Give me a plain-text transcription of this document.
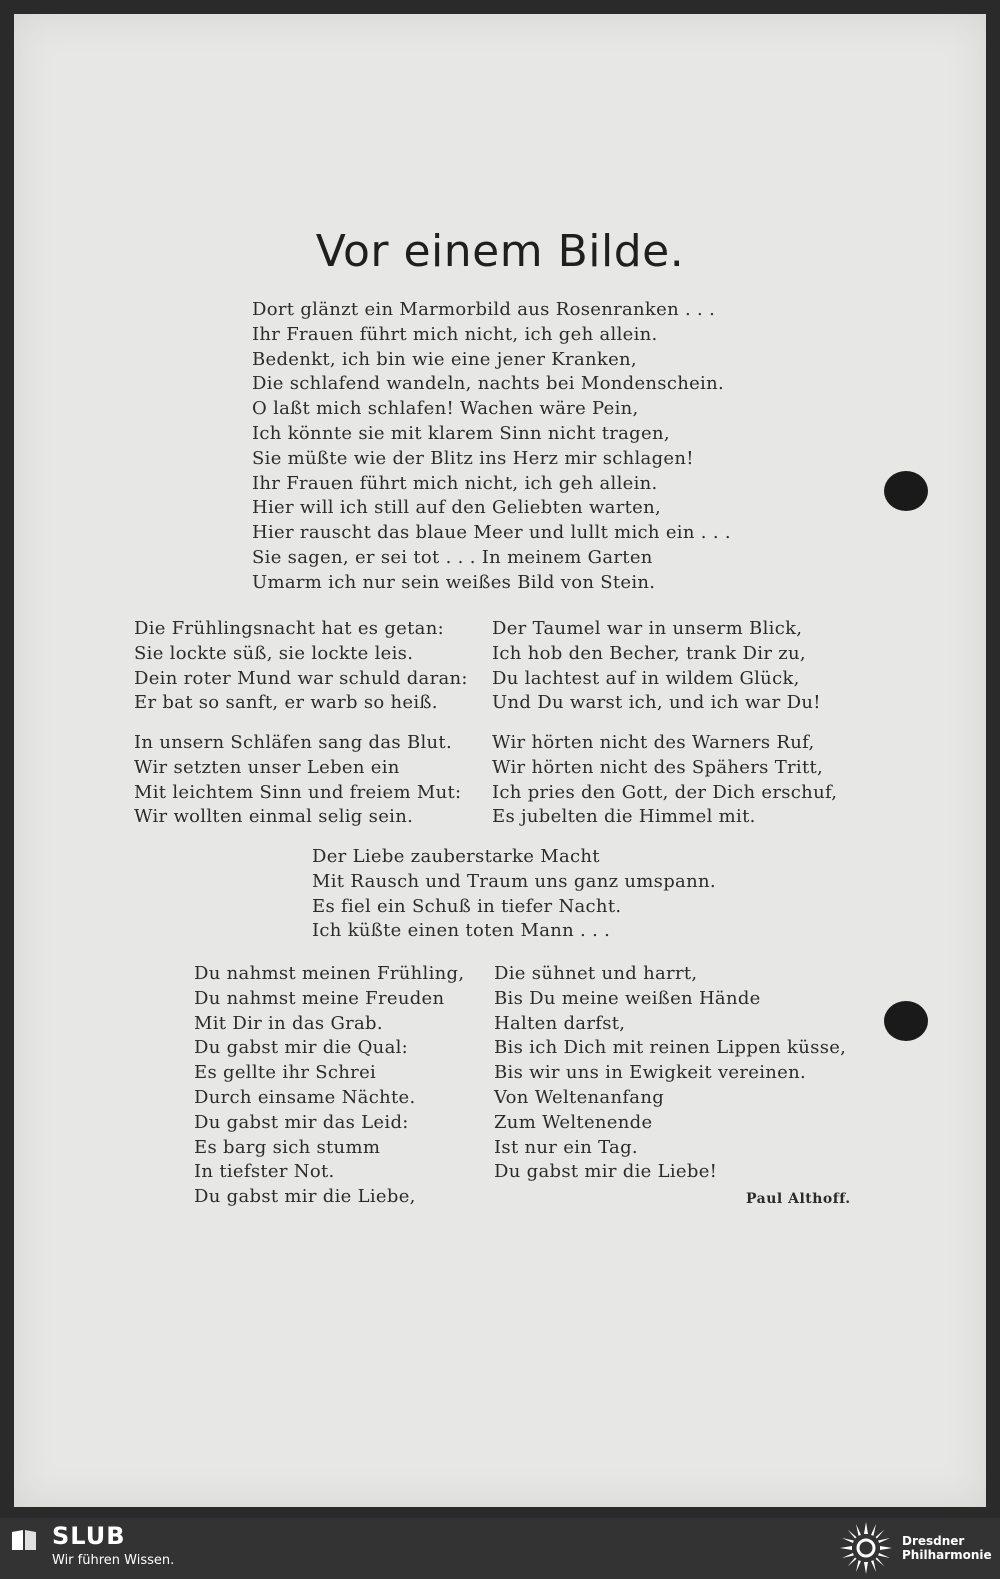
Vor einem Bilde.
Dort glänzt ein Marmorbild aus Rosenranken . . .
Ihr Frauen führt mich nicht, ich geh allein.
Bedenkt, ich bin wie eine jener Kranken,
Die schlafend wandeln, nachts bei Mondenschein.
O laßt mich schlafen! Wachen wäre Pein,
Ich könnte sie mit klarem Sinn nicht tragen,
Sie müßte wie der Blitz ins Herz mir schlagen!
Ihr Frauen führt mich nicht, ich geh allein.
Hier will ich still auf den Geliebten warten,
Hier rauscht das blaue Meer und lullt mich ein . . .
Sie sagen, er sei tot . . . In meinem Garten
Umarm ich nur sein weißes Bild von Stein.
Die Frühlingsnacht hat es getan:
Sie lockte süß, sie lockte leis.
Dein roter Mund war schuld daran:
Er bat so sanft, er warb so heiß.
Der Taumel war in unserm Blick,
Ich hob den Becher, trank Dir zu,
Du lachtest auf in wildem Glück,
Und Du warst ich, und ich war Du!
In unsern Schläfen sang das Blut.
Wir setzten unser Leben ein
Mit leichtem Sinn und freiem Mut:
Wir wollten einmal selig sein.
Wir hörten nicht des Warners Ruf,
Wir hörten nicht des Spähers Tritt,
Ich pries den Gott, der Dich erschuf,
Es jubelten die Himmel mit.
Der Liebe zauberstarke Macht
Mit Rausch und Traum uns ganz umspann.
Es fiel ein Schuß in tiefer Nacht.
Ich küßte einen toten Mann . . .
Du nahmst meinen Frühling,
Du nahmst meine Freuden
Mit Dir in das Grab.
Du gabst mir die Qual:
Es gellte ihr Schrei
Durch einsame Nächte.
Du gabst mir das Leid:
Es barg sich stumm
In tiefster Not.
Du gabst mir die Liebe,
Die sühnet und harrt,
Bis Du meine weißen Hände
Halten darfst,
Bis ich Dich mit reinen Lippen küsse,
Bis wir uns in Ewigkeit vereinen.
Von Weltenanfang
Zum Weltenende
Ist nur ein Tag.
Du gabst mir die Liebe!
Paul Althoff.
SLUB
Wir führen Wissen.
Dresdner
Philharmonie
